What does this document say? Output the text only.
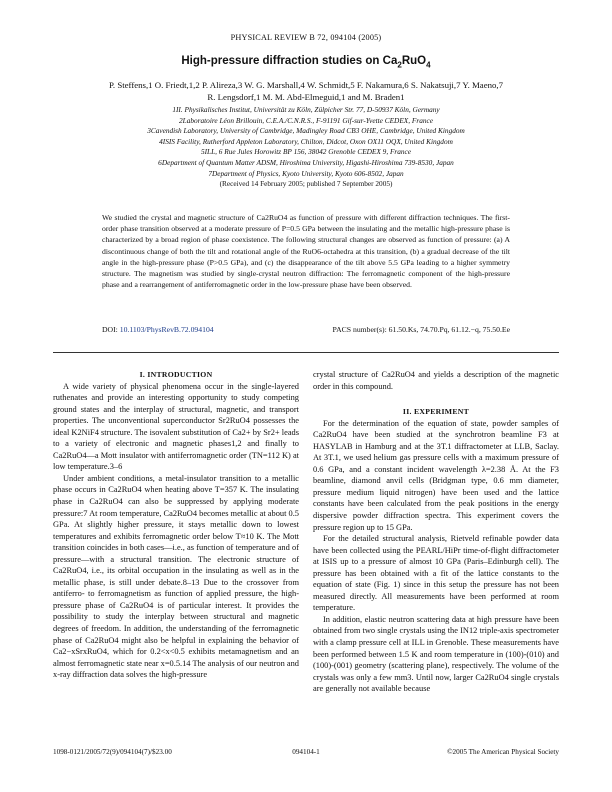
PHYSICAL REVIEW B 72, 094104 (2005)
High-pressure diffraction studies on $Ca_2RuO_4$
P. Steffens,1 O. Friedt,1,2 P. Alireza,3 W. G. Marshall,4 W. Schmidt,5 F. Nakamura,6 S. Nakatsuji,7 Y. Maeno,7
R. Lengsdorf,1 M. M. Abd-Elmeguid,1 and M. Braden1
1II. Physikalisches Institut, Universität zu Köln, Zülpicher Str. 77, D-50937 Köln, Germany
2Laboratoire Léon Brillouin, C.E.A./C.N.R.S., F-91191 Gif-sur-Yvette CEDEX, France
3Cavendish Laboratory, University of Cambridge, Madingley Road CB3 OHE, Cambridge, United Kingdom
4ISIS Facility, Rutherford Appleton Laboratory, Chilton, Didcot, Oxon OX11 OQX, United Kingdom
5ILL, 6 Rue Jules Horowitz BP 156, 38042 Grenoble CEDEX 9, France
6Department of Quantum Matter ADSM, Hiroshima University, Higashi-Hiroshima 739-8530, Japan
7Department of Physics, Kyoto University, Kyoto 606-8502, Japan
(Received 14 February 2005; published 7 September 2005)
We studied the crystal and magnetic structure of Ca2RuO4 as function of pressure with different diffraction techniques. The first-order phase transition observed at a moderate pressure of P=0.5 GPa between the insulating and the metallic high-pressure phase is characterized by a broad region of phase coexistence. The following structural changes are observed as function of pressure: (a) A discontinuous change of both the tilt and rotational angle of the RuO6-octahedra at this transition, (b) a gradual decrease of the tilt angle in the high-pressure phase (P>0.5 GPa), and (c) the disappearance of the tilt above 5.5 GPa leading to a higher symmetry structure. The magnetism was studied by single-crystal neutron diffraction: The ferromagnetic component of the high-pressure phase and a rearrangement of antiferromagnetic order in the low-pressure phase have been observed.
DOI: 10.1103/PhysRevB.72.094104	PACS number(s): 61.50.Ks, 74.70.Pq, 61.12.−q, 75.50.Ee

I. INTRODUCTION

A wide variety of physical phenomena occur in the single-layered ruthenates and provide an interesting opportunity to study competing ground states and the interplay of structural, magnetic, and transport properties. The unconventional superconductor Sr2RuO4 possesses the ideal K2NiF4 structure. The isovalent substitution of Ca2+ by Sr2+ leads to a variety of electronic and magnetic phases1,2 and finally to Ca2RuO4—a Mott insulator with antiferromagnetic order (TN=112 K) at low temperature.3–6

Under ambient conditions, a metal-insulator transition to a metallic phase occurs in Ca2RuO4 when heating above T=357 K. The insulating phase in Ca2RuO4 can also be suppressed by applying moderate pressure:7 At room temperature, Ca2RuO4 becomes metallic at about 0.5 GPa. At slightly higher pressure, it stays metallic down to lowest temperatures and exhibits ferromagnetic order below T≈10 K. The Mott transition coincides in both cases—i.e., as function of temperature and of pressure—with a structural transition. The electronic structure of Ca2RuO4, i.e., its orbital occupation in the insulating as well as in the metallic phase, is still under debate.8–13 Due to the crossover from antiferro- to ferromagnetism as function of applied pressure, the high-pressure phase of Ca2RuO4 is of particular interest. It provides the possibility to study the interplay between structural and magnetic degrees of freedom. In addition, the understanding of the ferromagnetic phase of Ca2RuO4 might also be helpful in explaining the behavior of Ca2−xSrxRuO4, which for 0.2<x<0.5 exhibits metamagnetism and an almost ferromagnetic state near x=0.5.14 The analysis of our neutron and x-ray diffraction data solves the high-pressure

crystal structure of Ca2RuO4 and yields a description of the magnetic order in this compound.

II. EXPERIMENT

For the determination of the equation of state, powder samples of Ca2RuO4 have been studied at the synchrotron beamline F3 at HASYLAB in Hamburg and at the 3T.1 diffractometer at LLB, Saclay. At 3T.1, we used helium gas pressure cells with a maximum pressure of 0.6 GPa, and a constant incident wavelength λ=2.38 Å. At the F3 beamline, diamond anvil cells (Bridgman type, 0.6 mm diameter, pressure medium liquid nitrogen) have been used and the lattice constants have been calculated from the peak positions in the energy dispersive powder diffraction spectra. This experiment covers the pressure region up to 15 GPa.

For the detailed structural analysis, Rietveld refinable powder data have been collected using the PEARL/HiPr time-of-flight diffractometer at ISIS up to a pressure of almost 10 GPa (Paris–Edinburgh cell). The pressure has been obtained with a fit of the lattice constants to the equation of state (Fig. 1) since in this setup the pressure has not been measured directly. All measurements have been performed at room temperature.

In addition, elastic neutron scattering data at high pressure have been obtained from two single crystals using the IN12 triple-axis spectrometer with a clamp pressure cell at ILL in Grenoble. These measurements have been performed between 1.5 K and room temperature in (100)-(010) and (100)-(001) geometry (scattering plane), respectively. The volume of the crystals was only a few mm3. Until now, larger Ca2RuO4 single crystals are generally not available because

1098-0121/2005/72(9)/094104(7)/$23.00	094104-1	©2005 The American Physical Society
